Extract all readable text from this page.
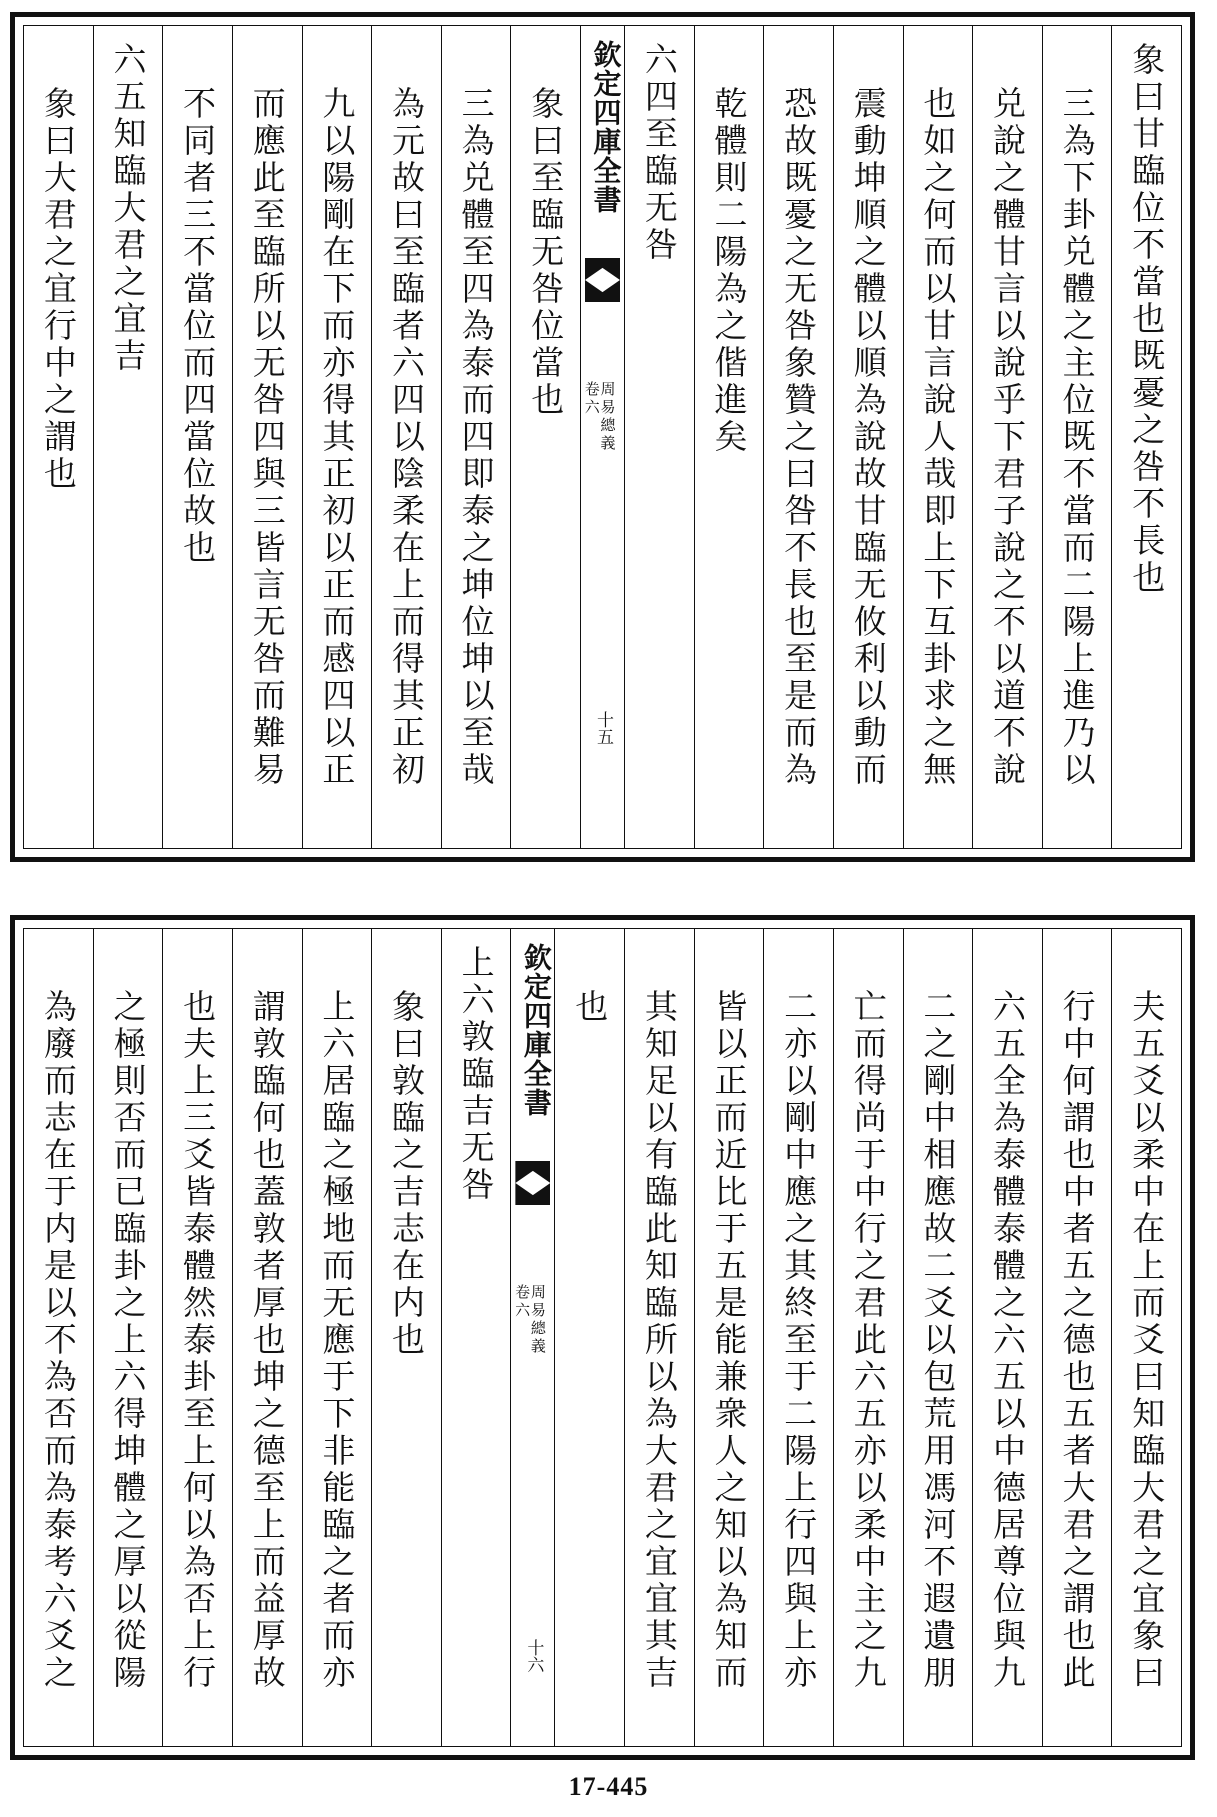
象曰甘臨位不當也既憂之咎不長也
三為下卦兑體之主位既不當而二陽上進乃以
兑說之體甘言以說乎下君子說之不以道不說
也如之何而以甘言說人哉即上下互卦求之無
震動坤順之體以順為說故甘臨无攸利以動而
恐故既憂之无咎象贊之曰咎不長也至是而為
乾體則二陽為之偕進矣
六四至臨无咎
欽定四庫全書
周易總義
卷六
十五
象曰至臨无咎位當也
三為兑體至四為泰而四即泰之坤位坤以至哉
為元故曰至臨者六四以陰柔在上而得其正初
九以陽剛在下而亦得其正初以正而感四以正
而應此至臨所以无咎四與三皆言无咎而難易
不同者三不當位而四當位故也
六五知臨大君之宜吉
象曰大君之宜行中之謂也
夫五爻以柔中在上而爻曰知臨大君之宜象曰
行中何謂也中者五之德也五者大君之謂也此
六五全為泰體泰體之六五以中德居尊位與九
二之剛中相應故二爻以包荒用馮河不遐遺朋
亡而得尚于中行之君此六五亦以柔中主之九
二亦以剛中應之其終至于二陽上行四與上亦
皆以正而近比于五是能兼衆人之知以為知而
其知足以有臨此知臨所以為大君之宜宜其吉
也
欽定四庫全書
周易總義
卷六
十六
上六敦臨吉无咎
象曰敦臨之吉志在内也
上六居臨之極地而无應于下非能臨之者而亦
謂敦臨何也蓋敦者厚也坤之德至上而益厚故
也夫上三爻皆泰體然泰卦至上何以為否上行
之極則否而已臨卦之上六得坤體之厚以從陽
為廢而志在于内是以不為否而為泰考六爻之
17-445
